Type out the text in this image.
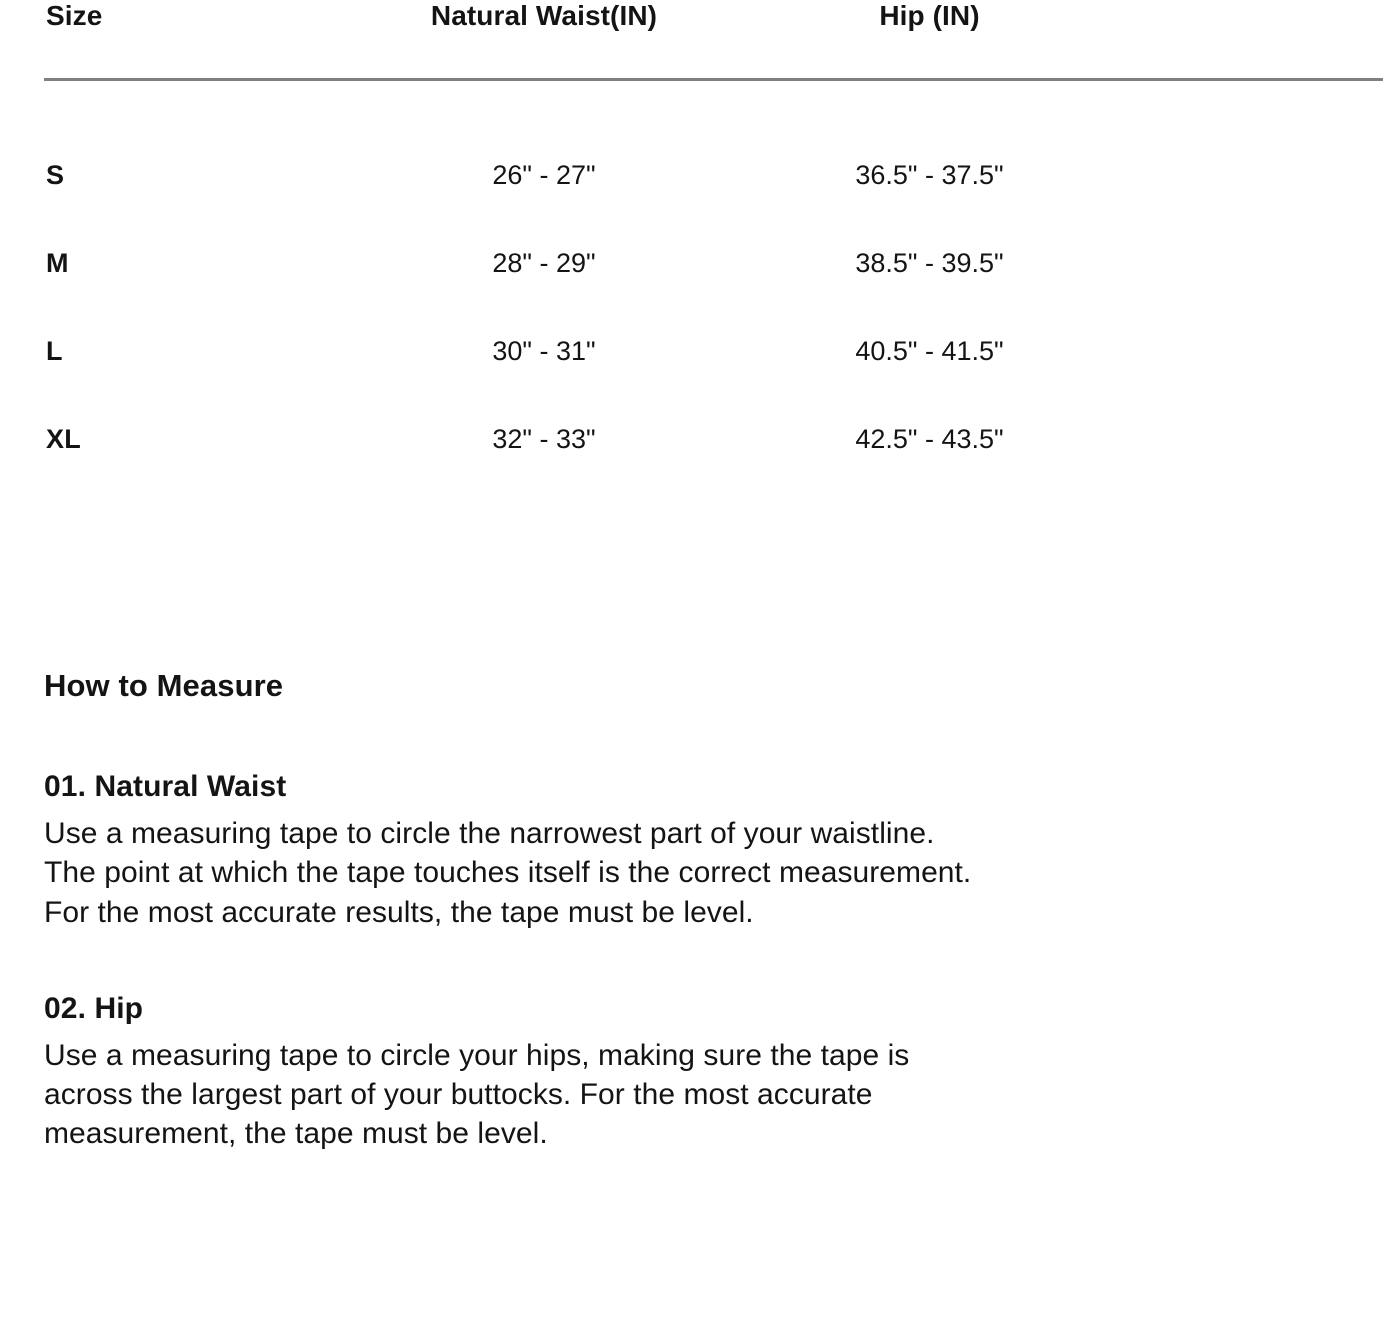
Size	Natural Waist(IN)	Hip (IN)

S	26" - 27"	36.5" - 37.5"
M	28" - 29"	38.5" - 39.5"
L	30" - 31"	40.5" - 41.5"
XL	32" - 33"	42.5" - 43.5"
How to Measure
01. Natural Waist

Use a measuring tape to circle the narrowest part of your waistline.
The point at which the tape touches itself is the correct measurement.
For the most accurate results, the tape must be level.

02. Hip

Use a measuring tape to circle your hips, making sure the tape is
across the largest part of your buttocks. For the most accurate
measurement, the tape must be level.
